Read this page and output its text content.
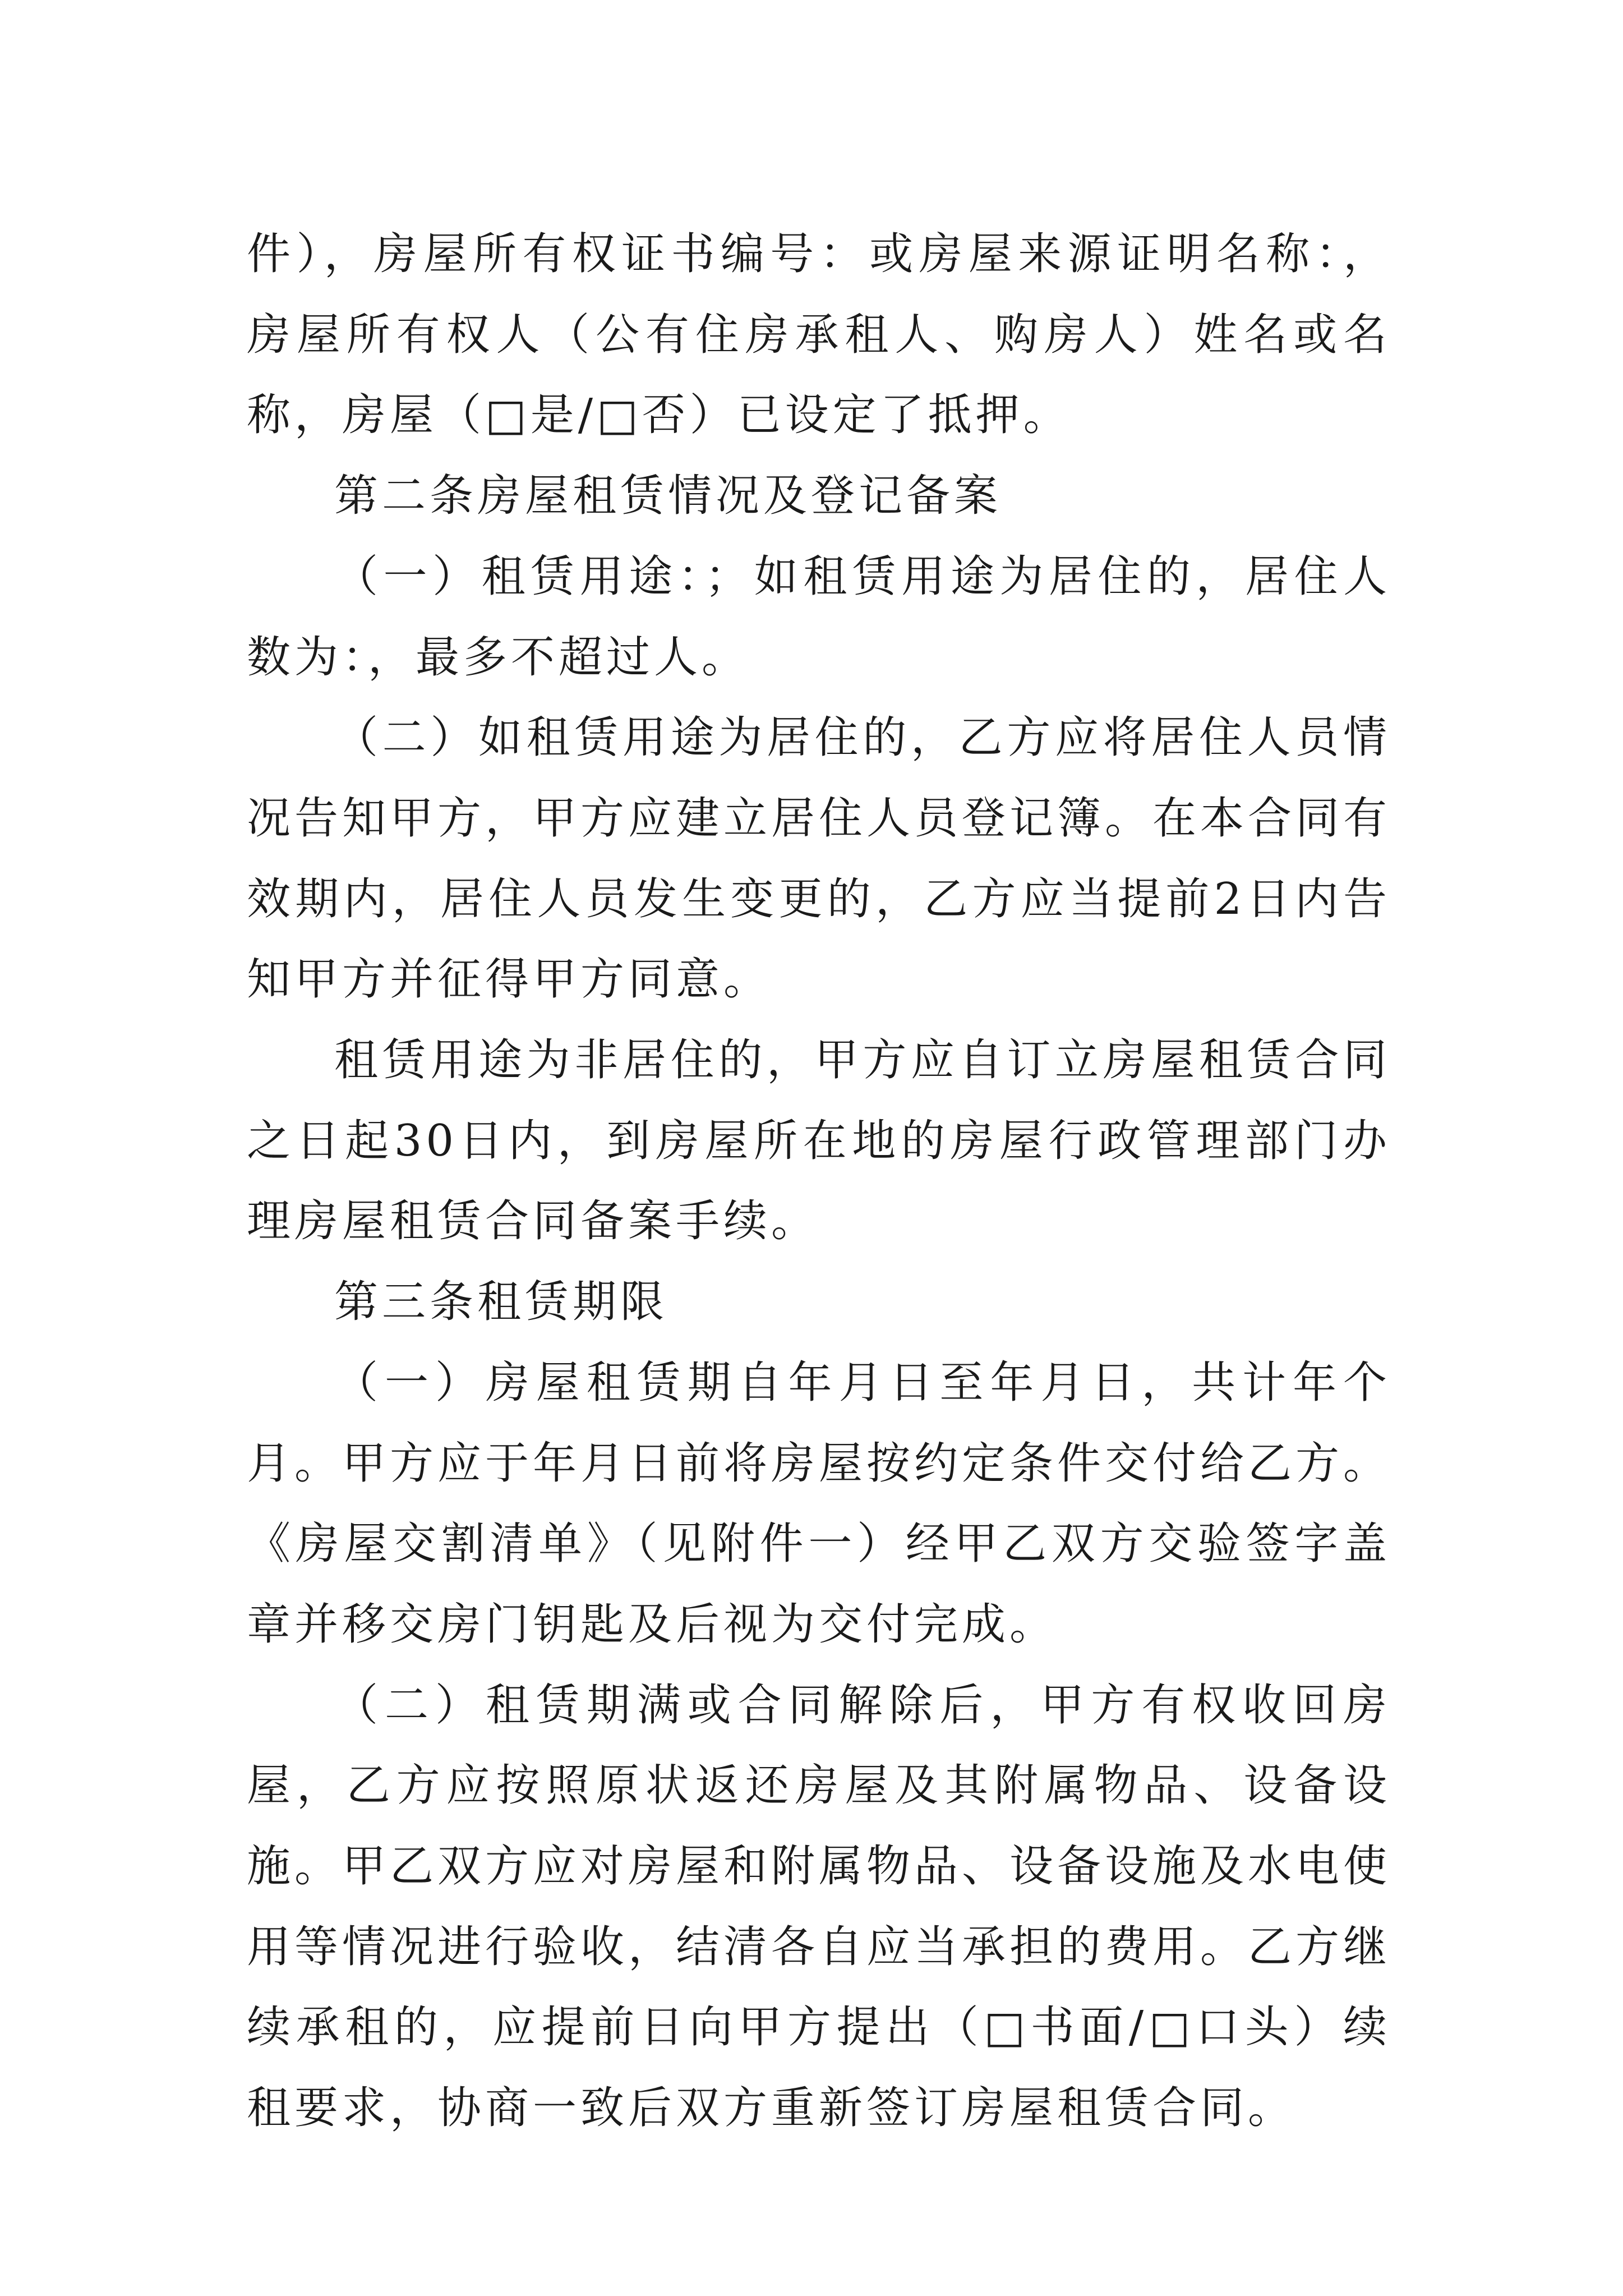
件），房屋所有权证书编号：或房屋来源证明名称：，房屋所有权人（公有住房承租人、购房人）姓名或名称，房屋（□是/□否）已设定了抵押。

第二条房屋租赁情况及登记备案

（一）租赁用途：；如租赁用途为居住的，居住人数为：，最多不超过人。

（二）如租赁用途为居住的，乙方应将居住人员情况告知甲方，甲方应建立居住人员登记簿。在本合同有效期内，居住人员发生变更的，乙方应当提前2日内告知甲方并征得甲方同意。

租赁用途为非居住的，甲方应自订立房屋租赁合同之日起30日内，到房屋所在地的房屋行政管理部门办理房屋租赁合同备案手续。

第三条租赁期限

（一）房屋租赁期自年月日至年月日，共计年个月。甲方应于年月日前将房屋按约定条件交付给乙方。《房屋交割清单》（见附件一）经甲乙双方交验签字盖章并移交房门钥匙及后视为交付完成。

（二）租赁期满或合同解除后，甲方有权收回房屋，乙方应按照原状返还房屋及其附属物品、设备设施。甲乙双方应对房屋和附属物品、设备设施及水电使用等情况进行验收，结清各自应当承担的费用。乙方继续承租的，应提前日向甲方提出（□书面/□口头）续租要求，协商一致后双方重新签订房屋租赁合同。
